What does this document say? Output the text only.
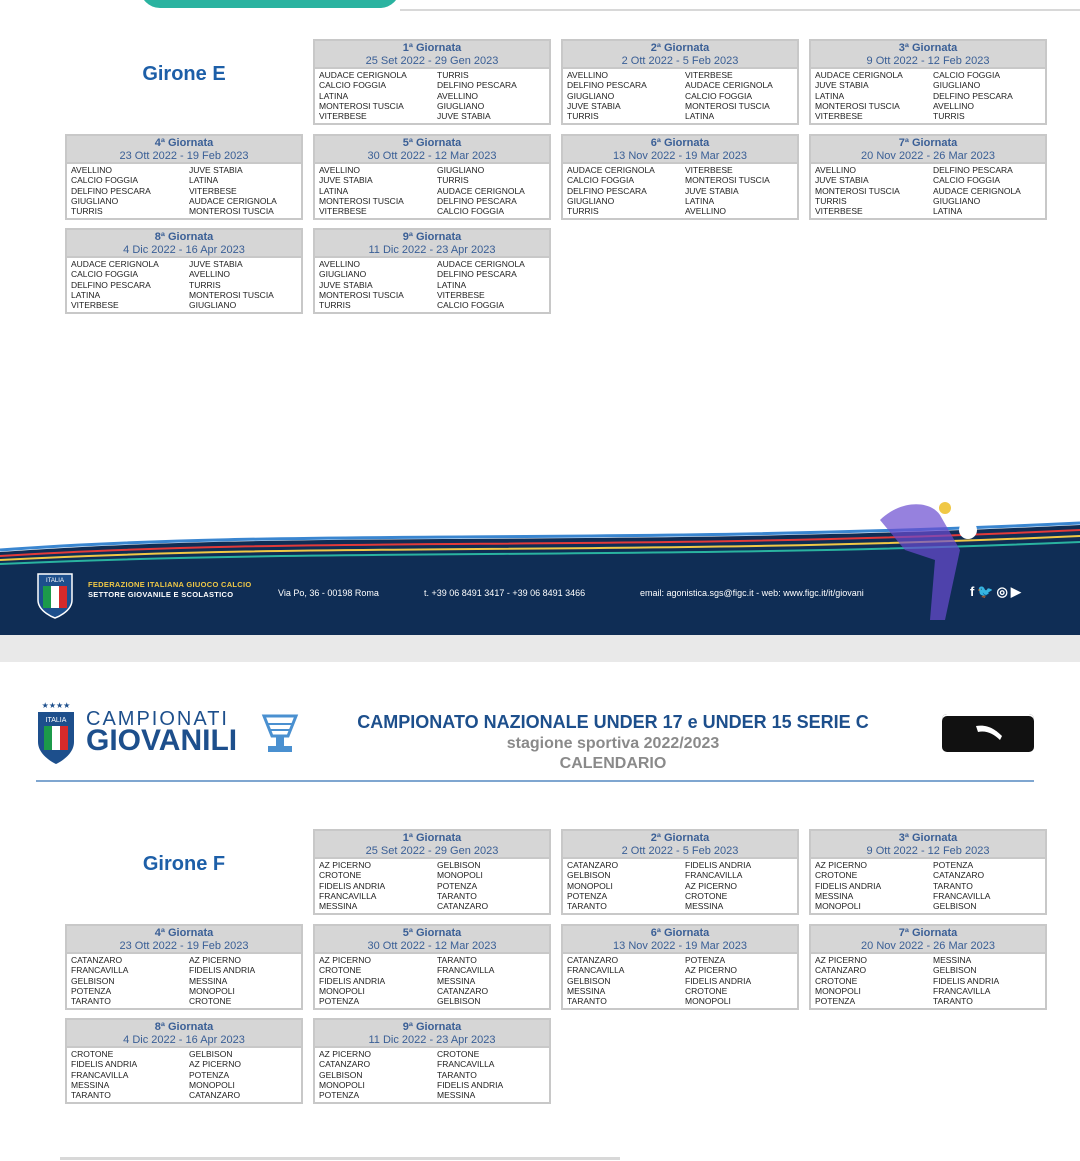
Girone E
1ª Giornata
25 Set 2022 - 29 Gen 2023
AUDACE CERIGNOLA	TURRIS
CALCIO FOGGIA	DELFINO PESCARA
LATINA	AVELLINO
MONTEROSI TUSCIA	GIUGLIANO
VITERBESE	JUVE STABIA
2ª Giornata
2 Ott 2022 - 5 Feb 2023
AVELLINO	VITERBESE
DELFINO PESCARA	AUDACE CERIGNOLA
GIUGLIANO	CALCIO FOGGIA
JUVE STABIA	MONTEROSI TUSCIA
TURRIS	LATINA
3ª Giornata
9 Ott 2022 - 12 Feb 2023
AUDACE CERIGNOLA	CALCIO FOGGIA
JUVE STABIA	GIUGLIANO
LATINA	DELFINO PESCARA
MONTEROSI TUSCIA	AVELLINO
VITERBESE	TURRIS
4ª Giornata
23 Ott 2022 - 19 Feb 2023
AVELLINO	JUVE STABIA
CALCIO FOGGIA	LATINA
DELFINO PESCARA	VITERBESE
GIUGLIANO	AUDACE CERIGNOLA
TURRIS	MONTEROSI TUSCIA
5ª Giornata
30 Ott 2022 - 12 Mar 2023
AVELLINO	GIUGLIANO
JUVE STABIA	TURRIS
LATINA	AUDACE CERIGNOLA
MONTEROSI TUSCIA	DELFINO PESCARA
VITERBESE	CALCIO FOGGIA
6ª Giornata
13 Nov 2022 - 19 Mar 2023
AUDACE CERIGNOLA	VITERBESE
CALCIO FOGGIA	MONTEROSI TUSCIA
DELFINO PESCARA	JUVE STABIA
GIUGLIANO	LATINA
TURRIS	AVELLINO
7ª Giornata
20 Nov 2022 - 26 Mar 2023
AVELLINO	DELFINO PESCARA
JUVE STABIA	CALCIO FOGGIA
MONTEROSI TUSCIA	AUDACE CERIGNOLA
TURRIS	GIUGLIANO
VITERBESE	LATINA
8ª Giornata
4 Dic 2022 - 16 Apr 2023
AUDACE CERIGNOLA	JUVE STABIA
CALCIO FOGGIA	AVELLINO
DELFINO PESCARA	TURRIS
LATINA	MONTEROSI TUSCIA
VITERBESE	GIUGLIANO
9ª Giornata
11 Dic 2022 - 23 Apr 2023
AVELLINO	AUDACE CERIGNOLA
GIUGLIANO	DELFINO PESCARA
JUVE STABIA	LATINA
MONTEROSI TUSCIA	VITERBESE
TURRIS	CALCIO FOGGIA
ITALIA	FEDERAZIONE ITALIANA GIUOCO CALCIO
SETTORE GIOVANILE E SCOLASTICO	Via Po, 36 - 00198 Roma	t. +39 06 8491 3417 - +39 06 8491 3466	email: agonistica.sgs@figc.it - web: www.figc.it/it/giovani	f🐦◎▶
★★★★
ITALIA CAMPIONATI
GIOVANILI
CAMPIONATO NAZIONALE UNDER 17 e UNDER 15 SERIE C
stagione sportiva 2022/2023
CALENDARIO
Girone F
1ª Giornata
25 Set 2022 - 29 Gen 2023
AZ PICERNO	GELBISON
CROTONE	MONOPOLI
FIDELIS ANDRIA	POTENZA
FRANCAVILLA	TARANTO
MESSINA	CATANZARO
2ª Giornata
2 Ott 2022 - 5 Feb 2023
CATANZARO	FIDELIS ANDRIA
GELBISON	FRANCAVILLA
MONOPOLI	AZ PICERNO
POTENZA	CROTONE
TARANTO	MESSINA
3ª Giornata
9 Ott 2022 - 12 Feb 2023
AZ PICERNO	POTENZA
CROTONE	CATANZARO
FIDELIS ANDRIA	TARANTO
MESSINA	FRANCAVILLA
MONOPOLI	GELBISON
4ª Giornata
23 Ott 2022 - 19 Feb 2023
CATANZARO	AZ PICERNO
FRANCAVILLA	FIDELIS ANDRIA
GELBISON	MESSINA
POTENZA	MONOPOLI
TARANTO	CROTONE
5ª Giornata
30 Ott 2022 - 12 Mar 2023
AZ PICERNO	TARANTO
CROTONE	FRANCAVILLA
FIDELIS ANDRIA	MESSINA
MONOPOLI	CATANZARO
POTENZA	GELBISON
6ª Giornata
13 Nov 2022 - 19 Mar 2023
CATANZARO	POTENZA
FRANCAVILLA	AZ PICERNO
GELBISON	FIDELIS ANDRIA
MESSINA	CROTONE
TARANTO	MONOPOLI
7ª Giornata
20 Nov 2022 - 26 Mar 2023
AZ PICERNO	MESSINA
CATANZARO	GELBISON
CROTONE	FIDELIS ANDRIA
MONOPOLI	FRANCAVILLA
POTENZA	TARANTO
8ª Giornata
4 Dic 2022 - 16 Apr 2023
CROTONE	GELBISON
FIDELIS ANDRIA	AZ PICERNO
FRANCAVILLA	POTENZA
MESSINA	MONOPOLI
TARANTO	CATANZARO
9ª Giornata
11 Dic 2022 - 23 Apr 2023
AZ PICERNO	CROTONE
CATANZARO	FRANCAVILLA
GELBISON	TARANTO
MONOPOLI	FIDELIS ANDRIA
POTENZA	MESSINA
